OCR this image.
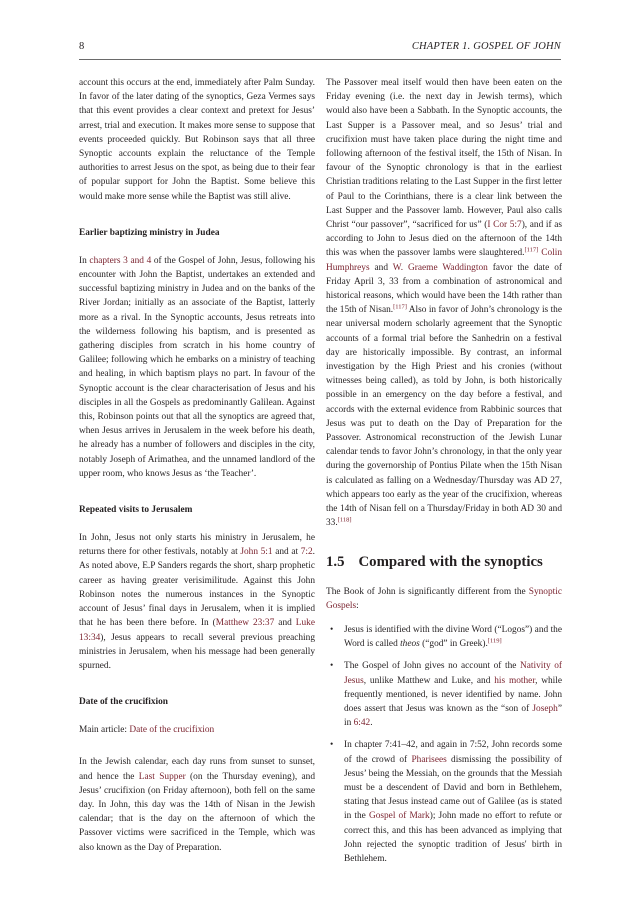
8	CHAPTER 1. GOSPEL OF JOHN

account this occurs at the end, immediately after Palm Sunday. In favor of the later dating of the synoptics, Geza Vermes says that this event provides a clear context and pretext for Jesus’ arrest, trial and execution. It makes more sense to suppose that events proceeded quickly. But Robinson says that all three Synoptic accounts explain the reluctance of the Temple authorities to arrest Jesus on the spot, as being due to their fear of popular support for John the Baptist. Some believe this would make more sense while the Baptist was still alive.

Earlier baptizing ministry in Judea

In chapters 3 and 4 of the Gospel of John, Jesus, following his encounter with John the Baptist, undertakes an extended and successful baptizing ministry in Judea and on the banks of the River Jordan; initially as an associate of the Baptist, latterly more as a rival. In the Synoptic accounts, Jesus retreats into the wilderness following his baptism, and is presented as gathering disciples from scratch in his home country of Galilee; following which he embarks on a ministry of teaching and healing, in which baptism plays no part. In favour of the Synoptic account is the clear characterisation of Jesus and his disciples in all the Gospels as predominantly Galilean. Against this, Robinson points out that all the synoptics are agreed that, when Jesus arrives in Jerusalem in the week before his death, he already has a number of followers and disciples in the city, notably Joseph of Arimathea, and the unnamed landlord of the upper room, who knows Jesus as ‘the Teacher’.

Repeated visits to Jerusalem

In John, Jesus not only starts his ministry in Jerusalem, he returns there for other festivals, notably at John 5:1 and at 7:2. As noted above, E.P Sanders regards the short, sharp prophetic career as having greater verisimilitude. Against this John Robinson notes the numerous instances in the Synoptic account of Jesus’ final days in Jerusalem, when it is implied that he has been there before. In (Matthew 23:37 and Luke 13:34), Jesus appears to recall several previous preaching ministries in Jerusalem, when his message had been generally spurned.

Date of the crucifixion

Main article: Date of the crucifixion

In the Jewish calendar, each day runs from sunset to sunset, and hence the Last Supper (on the Thursday evening), and Jesus’ crucifixion (on Friday afternoon), both fell on the same day. In John, this day was the 14th of Nisan in the Jewish calendar; that is the day on the afternoon of which the Passover victims were sacrificed in the Temple, which was also known as the Day of Preparation.

The Passover meal itself would then have been eaten on the Friday evening (i.e. the next day in Jewish terms), which would also have been a Sabbath. In the Synoptic accounts, the Last Supper is a Passover meal, and so Jesus’ trial and crucifixion must have taken place during the night time and following afternoon of the festival itself, the 15th of Nisan. In favour of the Synoptic chronology is that in the earliest Christian traditions relating to the Last Supper in the first letter of Paul to the Corinthians, there is a clear link between the Last Supper and the Passover lamb. However, Paul also calls Christ “our passover”, “sacrificed for us” (I Cor 5:7), and if as according to John to Jesus died on the afternoon of the 14th this was when the passover lambs were slaughtered.[117] Colin Humphreys and W. Graeme Waddington favor the date of Friday April 3, 33 from a combination of astronomical and historical reasons, which would have been the 14th rather than the 15th of Nisan.[117] Also in favor of John’s chronology is the near universal modern scholarly agreement that the Synoptic accounts of a formal trial before the Sanhedrin on a festival day are historically impossible. By contrast, an informal investigation by the High Priest and his cronies (without witnesses being called), as told by John, is both historically possible in an emergency on the day before a festival, and accords with the external evidence from Rabbinic sources that Jesus was put to death on the Day of Preparation for the Passover. Astronomical reconstruction of the Jewish Lunar calendar tends to favor John’s chronology, in that the only year during the governorship of Pontius Pilate when the 15th Nisan is calculated as falling on a Wednesday/Thursday was AD 27, which appears too early as the year of the crucifixion, whereas the 14th of Nisan fell on a Thursday/Friday in both AD 30 and 33.[118]

1.5 Compared with the synoptics

The Book of John is significantly different from the Synoptic Gospels:

• Jesus is identified with the divine Word (“Logos”) and the Word is called theos (“god” in Greek).[119]

• The Gospel of John gives no account of the Nativity of Jesus, unlike Matthew and Luke, and his mother, while frequently mentioned, is never identified by name. John does assert that Jesus was known as the “son of Joseph” in 6:42.

• In chapter 7:41–42, and again in 7:52, John records some of the crowd of Pharisees dismissing the possibility of Jesus’ being the Messiah, on the grounds that the Messiah must be a descendent of David and born in Bethlehem, stating that Jesus instead came out of Galilee (as is stated in the Gospel of Mark); John made no effort to refute or correct this, and this has been advanced as implying that John rejected the synoptic tradition of Jesus' birth in Bethlehem.
